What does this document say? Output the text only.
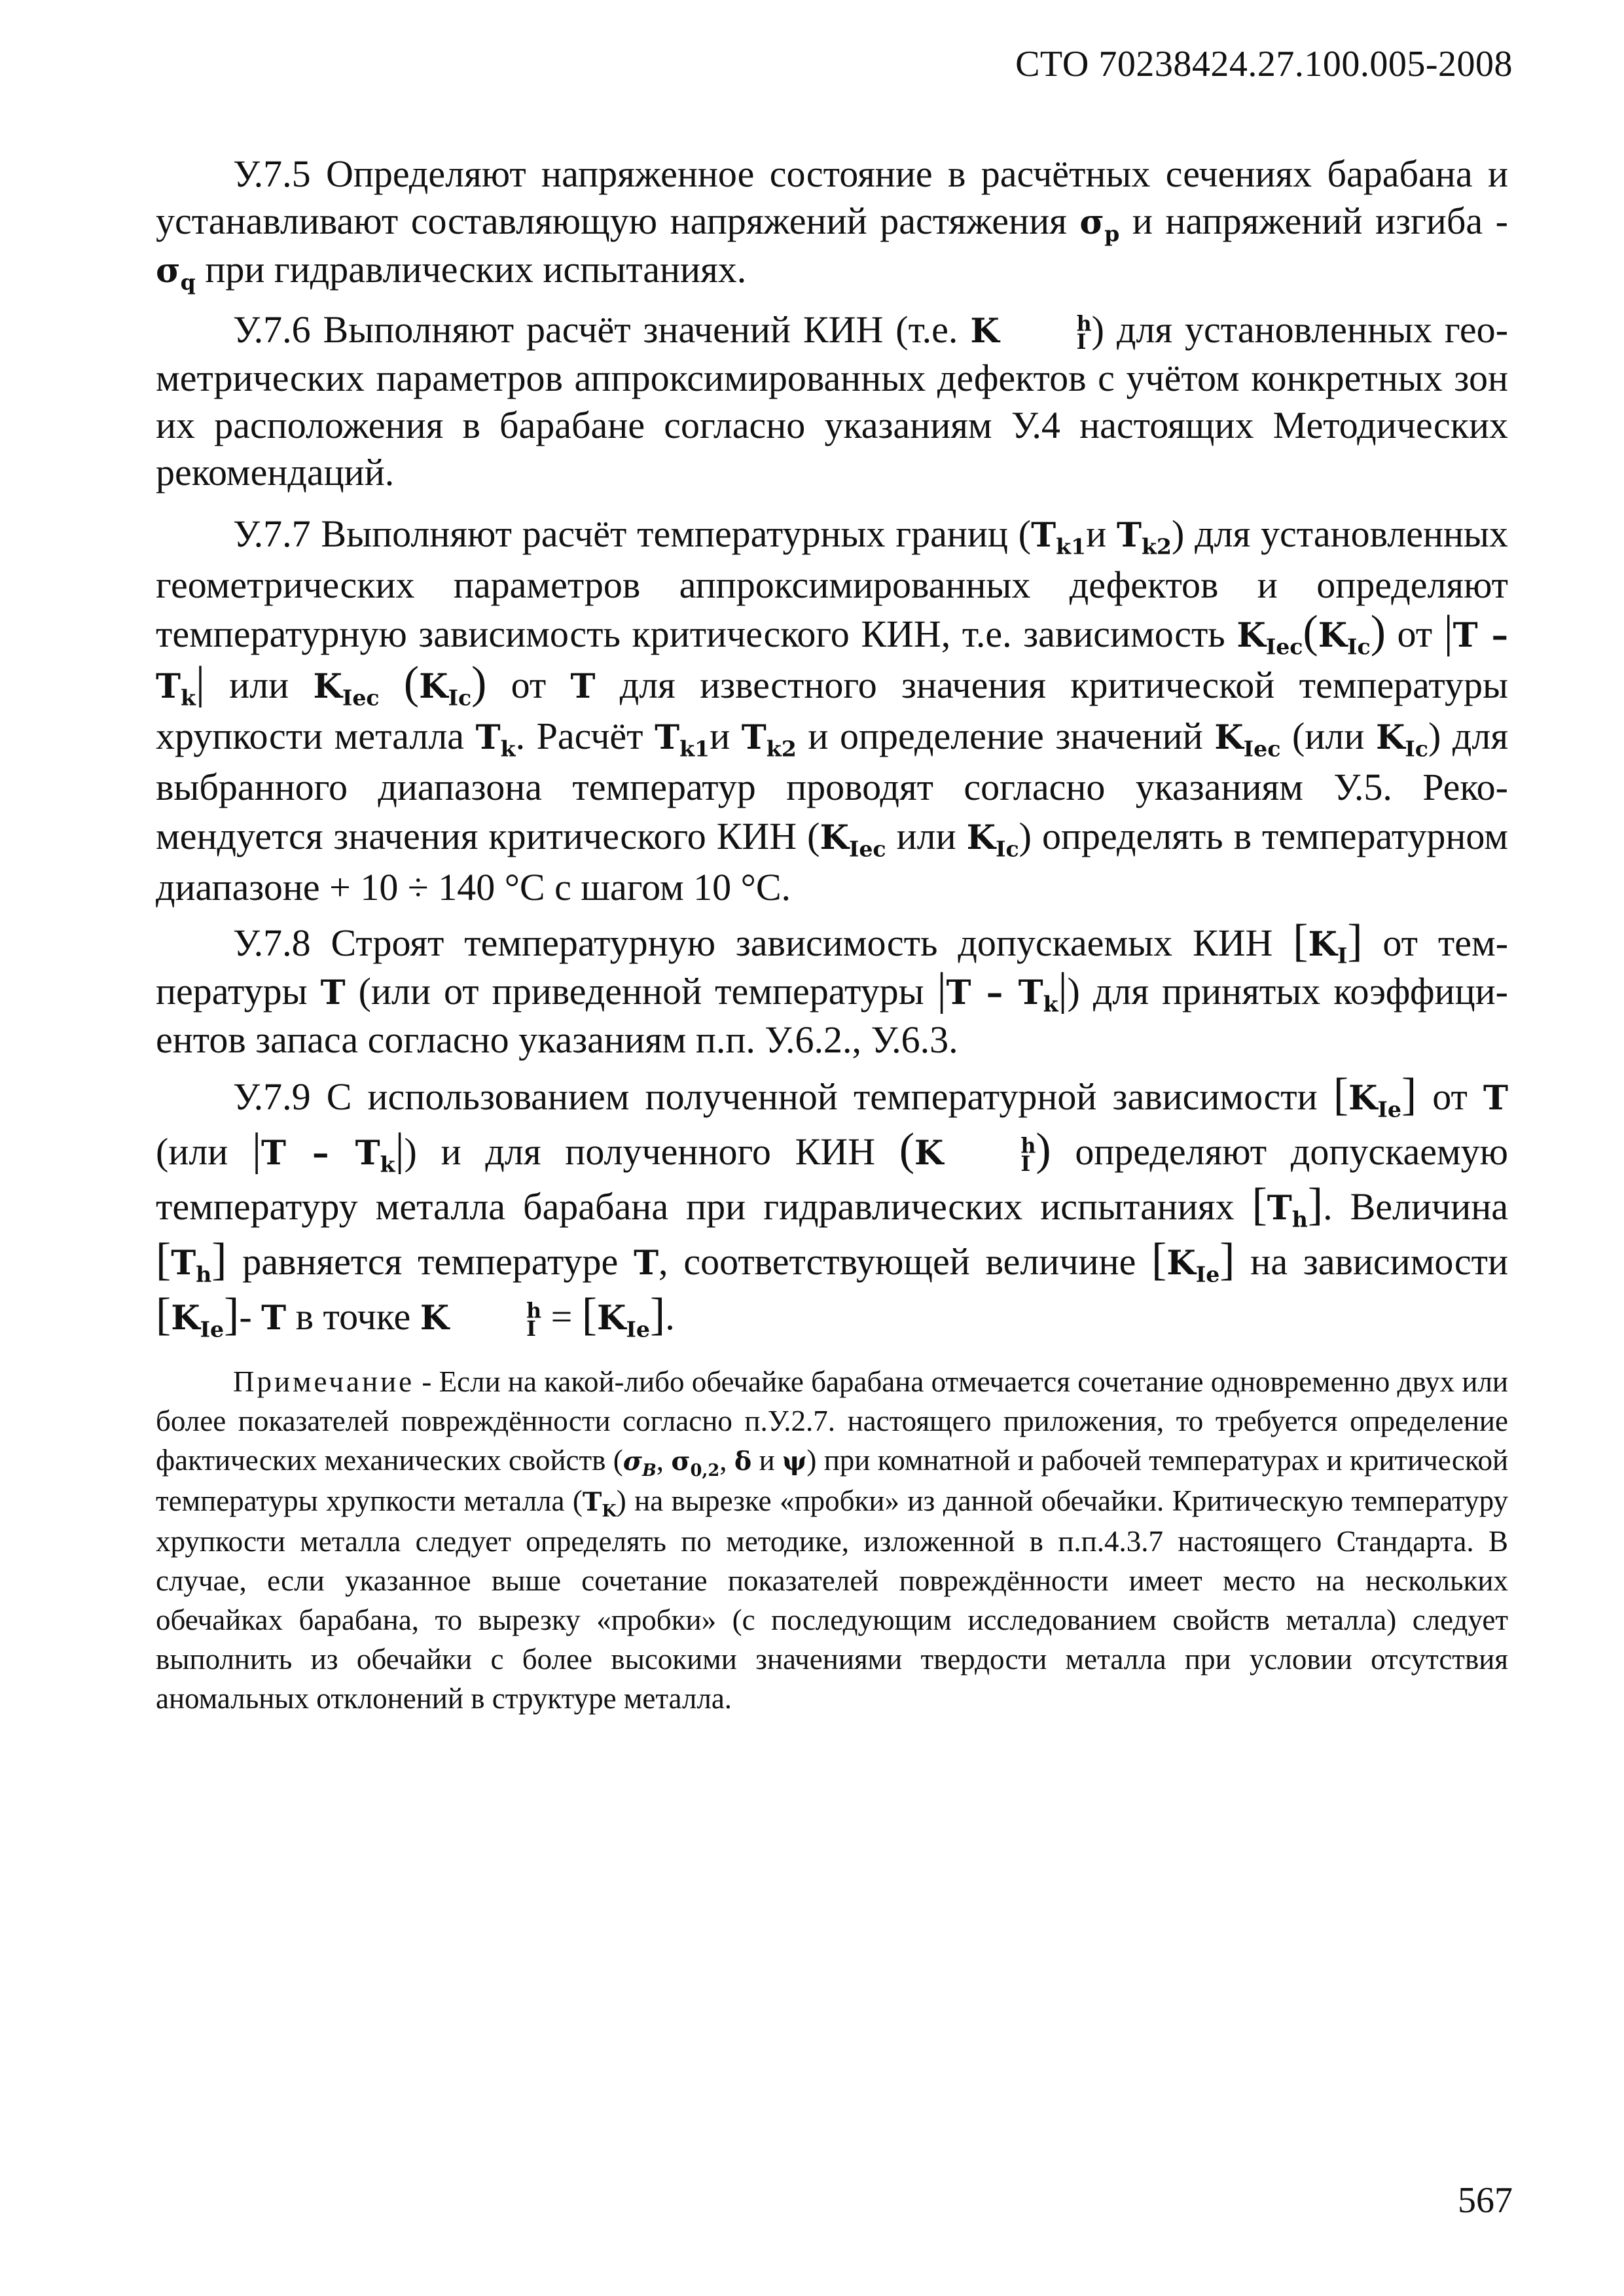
СТО 70238424.27.100.005-2008

У.7.5 Определяют напряженное состояние в расчётных сечениях барабана и устанавливают составляющую напряжений растяжения $\sigma_p$ и напряжений изгиба - $\sigma_q$ при гидравлических испытаниях.

У.7.6 Выполняют расчёт значений КИН (т.е. K	h
I ) для установленных геометрических параметров аппроксимированных дефектов с учётом конкретных зон их расположения в барабане согласно указаниям У.4 настоящих Методических рекомендаций.

У.7.7 Выполняют расчёт температурных границ ($T_{k1}и$ $T_{k2}$) для установленных геометрических параметров аппроксимированных дефектов и определяют температурную зависимость критического КИН, т.е. зависимость $K_{Iec}(K_{Ic})$ от $|T - T_k|$ или $K_{Iec}$ $(K_{Ic})$ от T для известного значения критической температуры хрупкости металла $T_k$. Расчёт $T_{k1}и$ $T_{k2}$ и определение значений $K_{Iec}$ (или $K_{Ic}$) для выбранного диапазона температур проводят согласно указаниям У.5. Рекомендуется значения критического КИН ($K_{Iec}$ или $K_{Ic}$) определять в температурном диапазоне + 10 ÷ 140 °С с шагом 10 °С.

У.7.8 Строят температурную зависимость допускаемых КИН $[K_I]$ от температуры T (или от приведенной температуры $|T - T_k|$) для принятых коэффициентов запаса согласно указаниям п.п. У.6.2., У.6.3.

У.7.9 С использованием полученной температурной зависимости $[K_{Ie}]$ от T (или $|T - T_k|$) и для полученного КИН (K	h
I ) определяют допускаемую температуру металла барабана при гидравлических испытаниях $[T_h]$. Величина $[T_h]$ равняется температуре T, соответствующей величине $[K_{Ie}]$ на зависимости $[K_{Ie}]-$ T в точке K	h
$I = [K_{Ie}]$.

Примечание - Если на какой-либо обечайке барабана отмечается сочетание одновременно двух или более показателей повреждённости согласно п.У.2.7. настоящего приложения, то требуется определение фактических механических свойств ($\sigma_B$, $\sigma_{0,2}$, δ и ψ) при комнатной и рабочей температурах и критической температуры хрупкости металла $(T_K)$ на вырезке «пробки» из данной обечайки. Критическую температуру хрупкости металла следует определять по методике, изложенной в п.п.4.3.7 настоящего Стандарта. В случае, если указанное выше сочетание показателей повреждённости имеет место на нескольких обечайках барабана, то вырезку «пробки» (с последующим исследованием свойств металла) следует выполнить из обечайки с более высокими значениями твердости металла при условии отсутствия аномальных отклонений в структуре металла.

567
